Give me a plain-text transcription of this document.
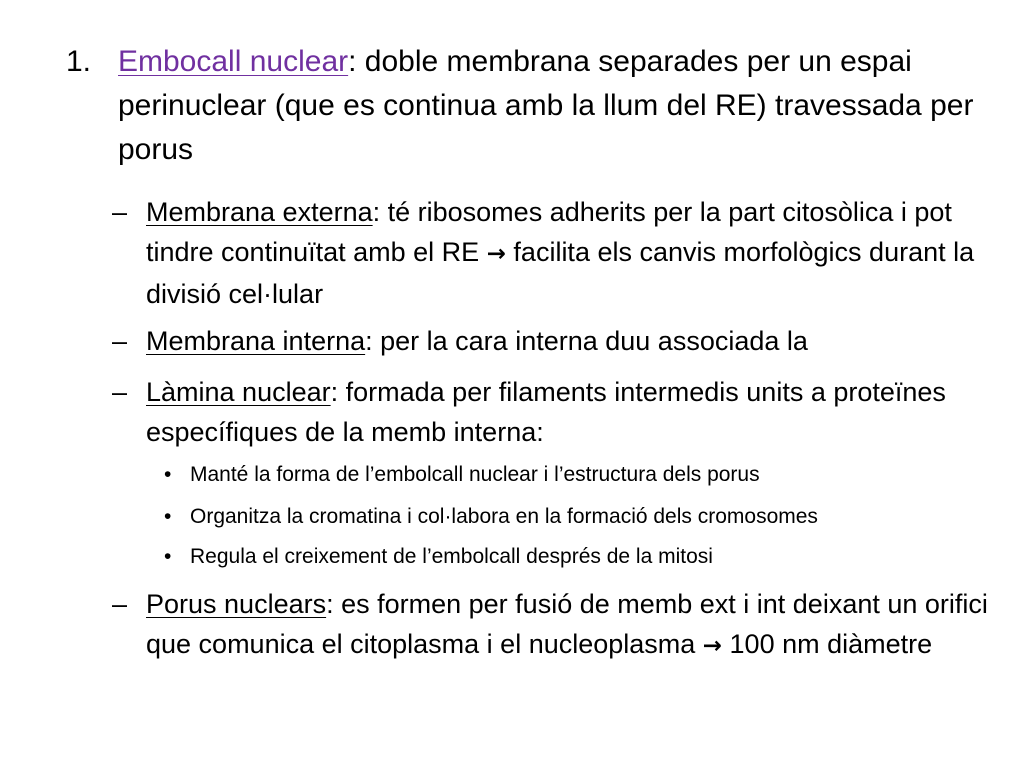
1. Embocall nuclear: doble membrana separades per un espai perinuclear (que es continua amb la llum del RE) travessada per porus
– Membrana externa: té ribosomes adherits per la part citosòlica i pot tindre continuïtat amb el RE → facilita els canvis morfològics durant la divisió cel·lular
– Membrana interna: per la cara interna duu associada la
– Làmina nuclear: formada per filaments intermedis units a proteïnes específiques de la memb interna:
• Manté la forma de l’embolcall nuclear i l’estructura dels porus
• Organitza la cromatina i col·labora en la formació dels cromosomes
• Regula el creixement de l’embolcall després de la mitosi
– Porus nuclears: es formen per fusió de memb ext i int deixant un orifici que comunica el citoplasma i el nucleoplasma → 100 nm diàmetre
